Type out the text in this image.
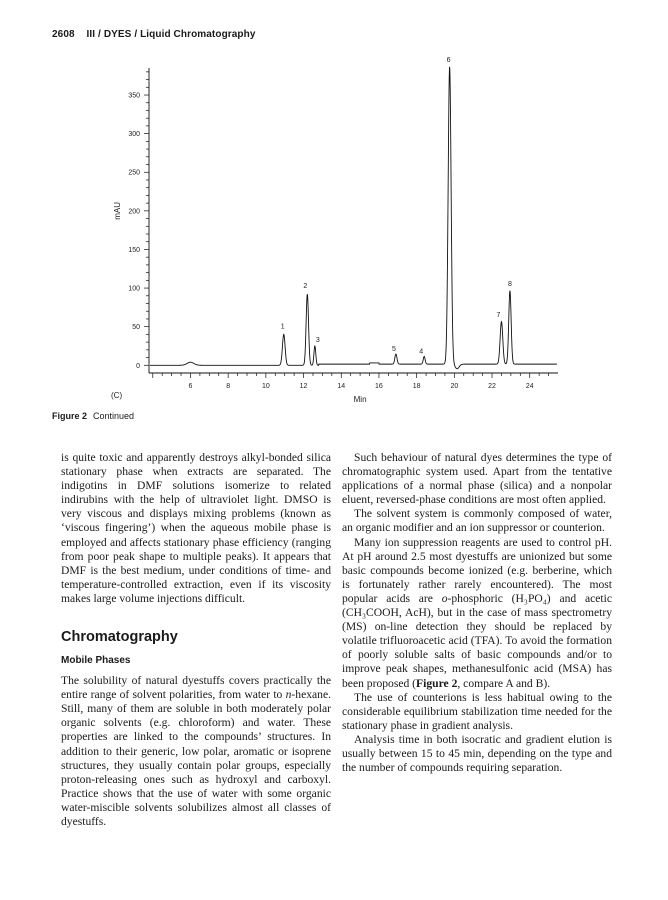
2608 III / DYES / Liquid Chromatography
0
50
100
150
200
250
300
350
6	8	10	12	14	16	18	20	22	24
1
2
3
5	4
6
7
8
mAU
Min
(C)
Figure 2 Continued

is quite toxic and apparently destroys alkyl-bonded silica stationary phase when extracts are separated. The indigotins in DMF solutions isomerize to related indirubins with the help of ultraviolet light. DMSO is very viscous and displays mixing problems (known as ‘viscous fingering’) when the aqueous mobile phase is employed and affects stationary phase efficiency (ranging from poor peak shape to multiple peaks). It appears that DMF is the best medium, under conditions of time- and temperature-controlled extraction, even if its viscosity makes large volume injections difficult.

Chromatography
Mobile Phases

The solubility of natural dyestuffs covers practically the entire range of solvent polarities, from water to n-hexane. Still, many of them are soluble in both moderately polar organic solvents (e.g. chloroform) and water. These properties are linked to the compounds’ structures. In addition to their generic, low polar, aromatic or isoprene structures, they usually contain polar groups, especially proton-releasing ones such as hydroxyl and carboxyl. Practice shows that the use of water with some organic water-miscible solvents solubilizes almost all classes of dyestuffs.

Such behaviour of natural dyes determines the type of chromatographic system used. Apart from the tentative applications of a normal phase (silica) and a nonpolar eluent, reversed-phase conditions are most often applied.

The solvent system is commonly composed of water, an organic modifier and an ion suppressor or counterion.

Many ion suppression reagents are used to control pH. At pH around 2.5 most dyestuffs are unionized but some basic compounds become ionized (e.g. berberine, which is fortunately rather rarely encountered). The most popular acids are o-phosphoric (H₃PO₄) and acetic (CH₃COOH, AcH), but in the case of mass spectrometry (MS) on-line detection they should be replaced by volatile trifluoroacetic acid (TFA). To avoid the formation of poorly soluble salts of basic compounds and/or to improve peak shapes, methanesulfonic acid (MSA) has been proposed (Figure 2, compare A and B).

The use of counterions is less habitual owing to the considerable equilibrium stabilization time needed for the stationary phase in gradient analysis.

Analysis time in both isocratic and gradient elution is usually between 15 to 45 min, depending on the type and the number of compounds requiring separation.
